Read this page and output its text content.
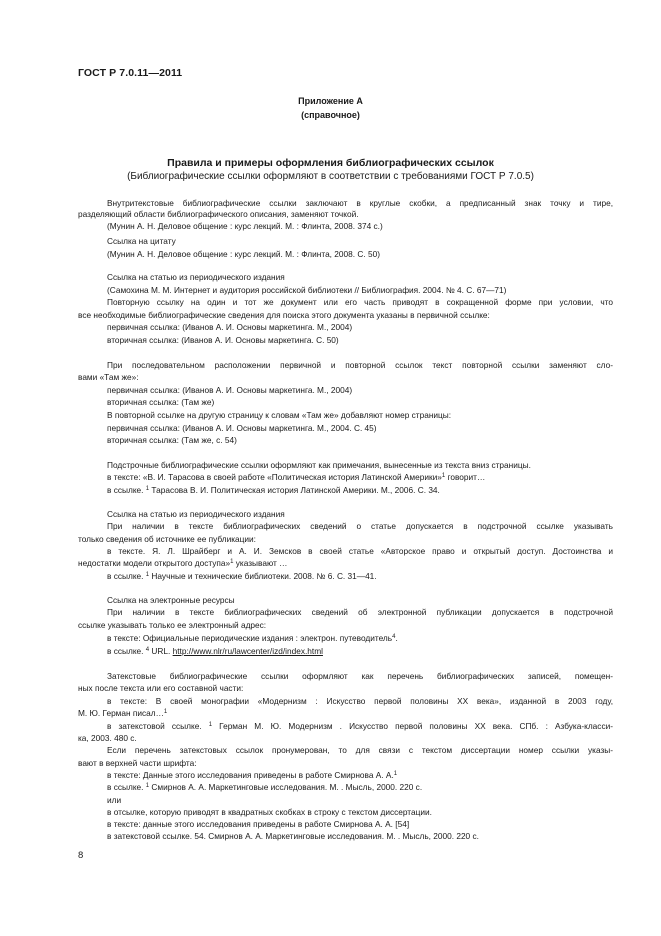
ГОСТ Р 7.0.11—2011
Приложение А
(справочное)
Правила и примеры оформления библиографических ссылок
(Библиографические ссылки оформляют в соответствии с требованиями ГОСТ Р 7.0.5)
Внутритекстовые библиографические ссылки заключают в круглые скобки, а предписанный знак точку и тире,
разделяющий области библиографического описания, заменяют точкой.
(Мунин А. Н. Деловое общение : курс лекций. М. : Флинта, 2008. 374 с.)
Ссылка на цитату
(Мунин А. Н. Деловое общение : курс лекций. М. : Флинта, 2008. С. 50)
Ссылка на статью из периодического издания
(Самохина М. М. Интернет и аудитория российской библиотеки // Библиография. 2004. № 4. С. 67—71)
Повторную ссылку на один и тот же документ или его часть приводят в сокращенной форме при условии, что
все необходимые библиографические сведения для поиска этого документа указаны в первичной ссылке:
первичная ссылка: (Иванов А. И. Основы маркетинга. М., 2004)
вторичная ссылка: (Иванов А. И. Основы маркетинга. С. 50)
При последовательном расположении первичной и повторной ссылок текст повторной ссылки заменяют сло-
вами «Там же»:
первичная ссылка: (Иванов А. И. Основы маркетинга. М., 2004)
вторичная ссылка: (Там же)
В повторной ссылке на другую страницу к словам «Там же» добавляют номер страницы:
первичная ссылка: (Иванов А. И. Основы маркетинга. М., 2004. С. 45)
вторичная ссылка: (Там же, с. 54)
Подстрочные библиографические ссылки оформляют как примечания, вынесенные из текста вниз страницы.
в тексте: «В. И. Тарасова в своей работе «Политическая история Латинской Америки»$^1$ говорит…
в ссылке. $^1$ Тарасова В. И. Политическая история Латинской Америки. М., 2006. С. 34.
Ссылка на статью из периодического издания
При наличии в тексте библиографических сведений о статье допускается в подстрочной ссылке указывать
только сведения об источнике ее публикации:
в тексте. Я. Л. Шрайберг и А. И. Земсков в своей статье «Авторское право и открытый доступ. Достоинства и
недостатки модели открытого доступа»$^1$ указывают …
в ссылке. $^1$ Научные и технические библиотеки. 2008. № 6. С. 31—41.
Ссылка на электронные ресурсы
При наличии в тексте библиографических сведений об электронной публикации допускается в подстрочной
ссылке указывать только ее электронный адрес:
в тексте: Официальные периодические издания : электрон. путеводитель$^4$.
в ссылке. $^4$ URL. http://www.nlr/ru/lawcenter/izd/index.html
Затекстовые библиографические ссылки оформляют как перечень библиографических записей, помещен-
ных после текста или его составной части:
в тексте: В своей монографии «Модернизм : Искусство первой половины XX века», изданной в 2003 году,
М. Ю. Герман писал…$^1$
в затекстовой ссылке. $^1$ Герман М. Ю. Модернизм . Искусство первой половины XX века. СПб. : Азбука-класси-
ка, 2003. 480 с.
Если перечень затекстовых ссылок пронумерован, то для связи с текстом диссертации номер ссылки указы-
вают в верхней части шрифта:
в тексте: Данные этого исследования приведены в работе Смирнова А. А.$^1$
в ссылке. $^1$ Смирнов А. А. Маркетинговые исследования. М. . Мысль, 2000. 220 с.
или
в отсылке, которую приводят в квадратных скобках в строку с текстом диссертации.
в тексте: данные этого исследования приведены в работе Смирнова А. А. [54]
в затекстовой ссылке. 54. Смирнов А. А. Маркетинговые исследования. М. . Мысль, 2000. 220 с.
8
